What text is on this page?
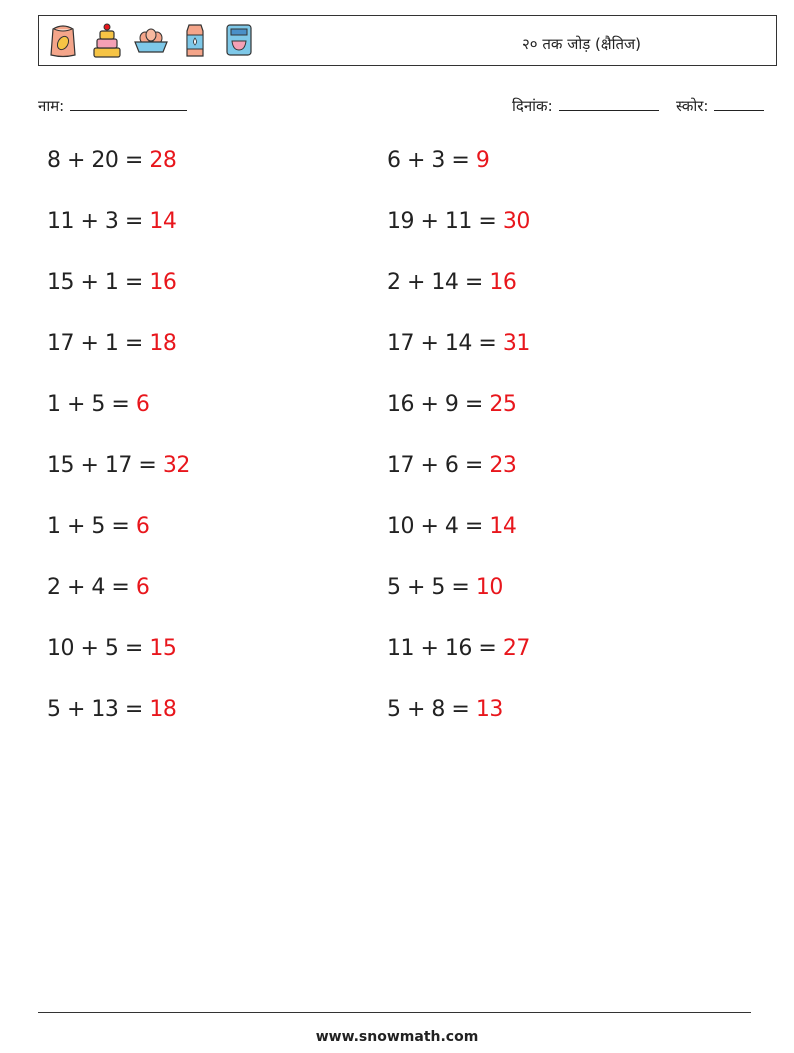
२० तक जोड़ (क्षैतिज)
नाम:	दिनांक:	स्कोर:
8 + 20 = 28	6 + 3 = 9
11 + 3 = 14	19 + 11 = 30
15 + 1 = 16	2 + 14 = 16
17 + 1 = 18	17 + 14 = 31
1 + 5 = 6	16 + 9 = 25
15 + 17 = 32	17 + 6 = 23
1 + 5 = 6	10 + 4 = 14
2 + 4 = 6	5 + 5 = 10
10 + 5 = 15	11 + 16 = 27
5 + 13 = 18	5 + 8 = 13
www.snowmath.com
